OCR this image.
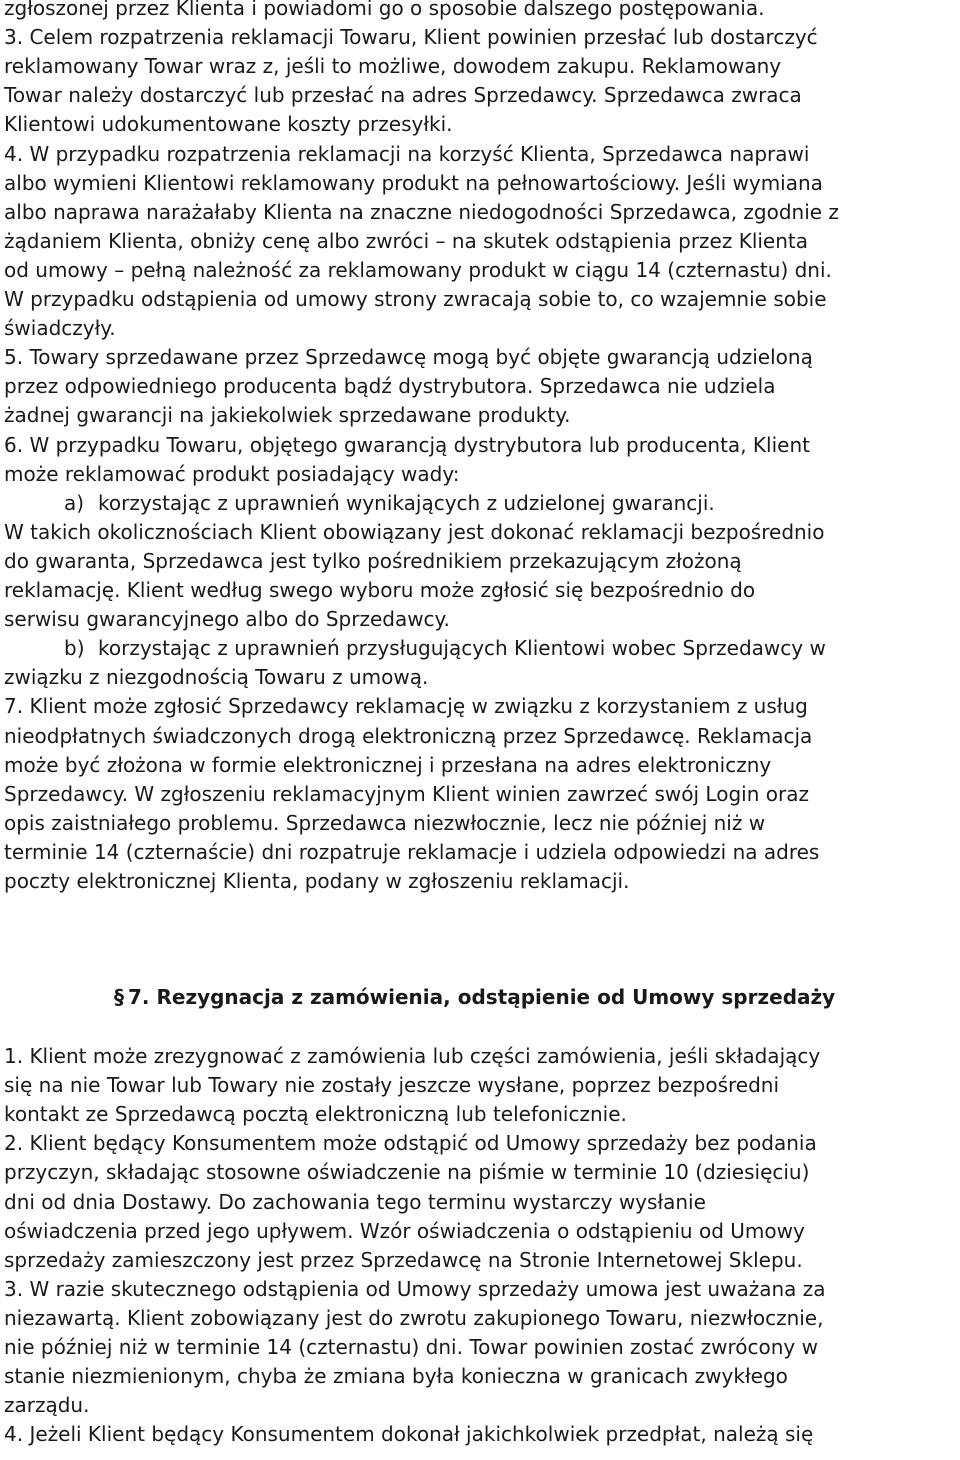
zgłoszonej przez Klienta i powiadomi go o sposobie dalszego postępowania.
3. Celem rozpatrzenia reklamacji Towaru, Klient powinien przesłać lub dostarczyć
reklamowany Towar wraz z, jeśli to możliwe, dowodem zakupu. Reklamowany
Towar należy dostarczyć lub przesłać na adres Sprzedawcy. Sprzedawca zwraca
Klientowi udokumentowane koszty przesyłki.
4. W przypadku rozpatrzenia reklamacji na korzyść Klienta, Sprzedawca naprawi
albo wymieni Klientowi reklamowany produkt na pełnowartościowy. Jeśli wymiana
albo naprawa narażałaby Klienta na znaczne niedogodności Sprzedawca, zgodnie z
żądaniem Klienta, obniży cenę albo zwróci – na skutek odstąpienia przez Klienta
od umowy – pełną należność za reklamowany produkt w ciągu 14 (czternastu) dni.
W przypadku odstąpienia od umowy strony zwracają sobie to, co wzajemnie sobie
świadczyły.
5. Towary sprzedawane przez Sprzedawcę mogą być objęte gwarancją udzieloną
przez odpowiedniego producenta bądź dystrybutora. Sprzedawca nie udziela
żadnej gwarancji na jakiekolwiek sprzedawane produkty.
6. W przypadku Towaru, objętego gwarancją dystrybutora lub producenta, Klient
może reklamować produkt posiadający wady:
a) korzystając z uprawnień wynikających z udzielonej gwarancji.
W takich okolicznościach Klient obowiązany jest dokonać reklamacji bezpośrednio
do gwaranta, Sprzedawca jest tylko pośrednikiem przekazującym złożoną
reklamację. Klient według swego wyboru może zgłosić się bezpośrednio do
serwisu gwarancyjnego albo do Sprzedawcy.
b) korzystając z uprawnień przysługujących Klientowi wobec Sprzedawcy w
związku z niezgodnością Towaru z umową.
7. Klient może zgłosić Sprzedawcy reklamację w związku z korzystaniem z usług
nieodpłatnych świadczonych drogą elektroniczną przez Sprzedawcę. Reklamacja
może być złożona w formie elektronicznej i przesłana na adres elektroniczny
Sprzedawcy. W zgłoszeniu reklamacyjnym Klient winien zawrzeć swój Login oraz
opis zaistniałego problemu. Sprzedawca niezwłocznie, lecz nie później niż w
terminie 14 (czternaście) dni rozpatruje reklamacje i udziela odpowiedzi na adres
poczty elektronicznej Klienta, podany w zgłoszeniu reklamacji.
§ 7. Rezygnacja z zamówienia, odstąpienie od Umowy sprzedaży
1. Klient może zrezygnować z zamówienia lub części zamówienia, jeśli składający
się na nie Towar lub Towary nie zostały jeszcze wysłane, poprzez bezpośredni
kontakt ze Sprzedawcą pocztą elektroniczną lub telefonicznie.
2. Klient będący Konsumentem może odstąpić od Umowy sprzedaży bez podania
przyczyn, składając stosowne oświadczenie na piśmie w terminie 10 (dziesięciu)
dni od dnia Dostawy. Do zachowania tego terminu wystarczy wysłanie
oświadczenia przed jego upływem. Wzór oświadczenia o odstąpieniu od Umowy
sprzedaży zamieszczony jest przez Sprzedawcę na Stronie Internetowej Sklepu.
3. W razie skutecznego odstąpienia od Umowy sprzedaży umowa jest uważana za
niezawartą. Klient zobowiązany jest do zwrotu zakupionego Towaru, niezwłocznie,
nie później niż w terminie 14 (czternastu) dni. Towar powinien zostać zwrócony w
stanie niezmienionym, chyba że zmiana była konieczna w granicach zwykłego
zarządu.
4. Jeżeli Klient będący Konsumentem dokonał jakichkolwiek przedpłat, należą się
